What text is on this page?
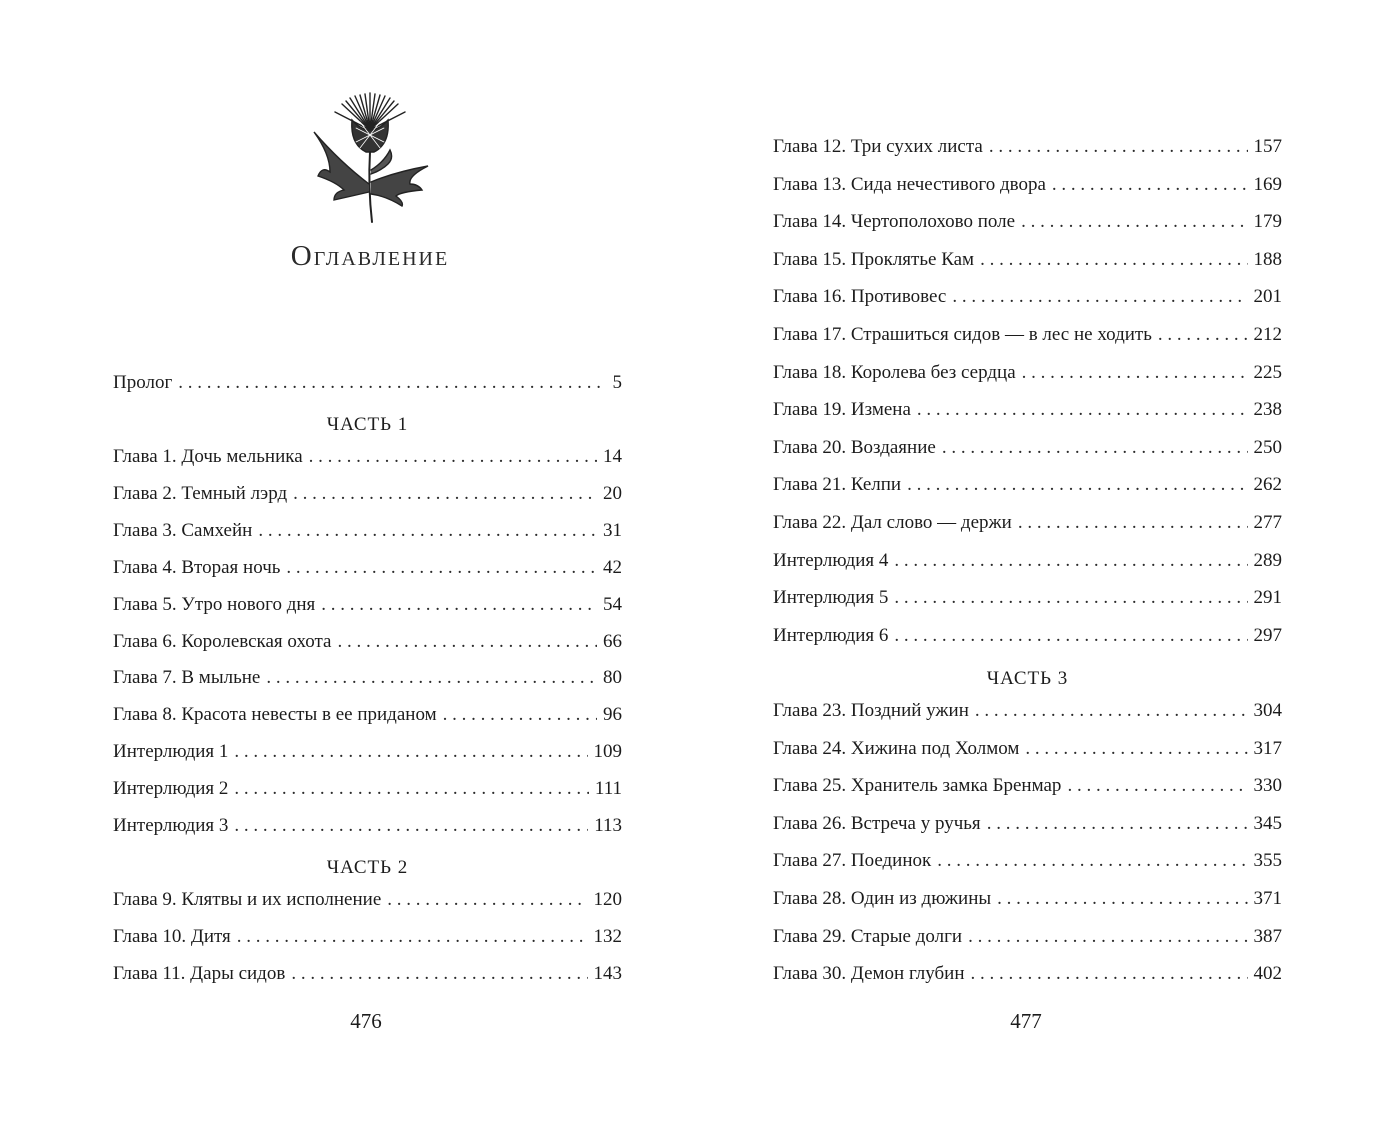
Оглавление
Пролог . . .	5
ЧАСТЬ 1
Глава 1. Дочь мельника . . .	14
Глава 2. Темный лэрд . . .	20
Глава 3. Самхейн . . .	31
Глава 4. Вторая ночь . . .	42
Глава 5. Утро нового дня . . .	54
Глава 6. Королевская охота . . .	66
Глава 7. В мыльне . . .	80
Глава 8. Красота невесты в ее приданом . . .	96
Интерлюдия 1 . . .	109
Интерлюдия 2 . . .	111
Интерлюдия 3 . . .	113
ЧАСТЬ 2
Глава 9. Клятвы и их исполнение . . .	120
Глава 10. Дитя . . .	132
Глава 11. Дары сидов . . .	143
476
Глава 12. Три сухих листа . . .	157
Глава 13. Сида нечестивого двора . . .	169
Глава 14. Чертополохово поле . . .	179
Глава 15. Проклятье Кам . . .	188
Глава 16. Противовес . . .	201
Глава 17. Страшиться сидов — в лес не ходить . . .	212
Глава 18. Королева без сердца . . .	225
Глава 19. Измена . . .	238
Глава 20. Воздаяние . . .	250
Глава 21. Келпи . . .	262
Глава 22. Дал слово — держи . . .	277
Интерлюдия 4 . . .	289
Интерлюдия 5 . . .	291
Интерлюдия 6 . . .	297
ЧАСТЬ 3
Глава 23. Поздний ужин . . .	304
Глава 24. Хижина под Холмом . . .	317
Глава 25. Хранитель замка Бренмар . . .	330
Глава 26. Встреча у ручья . . .	345
Глава 27. Поединок . . .	355
Глава 28. Один из дюжины . . .	371
Глава 29. Старые долги . . .	387
Глава 30. Демон глубин . . .	402
477
